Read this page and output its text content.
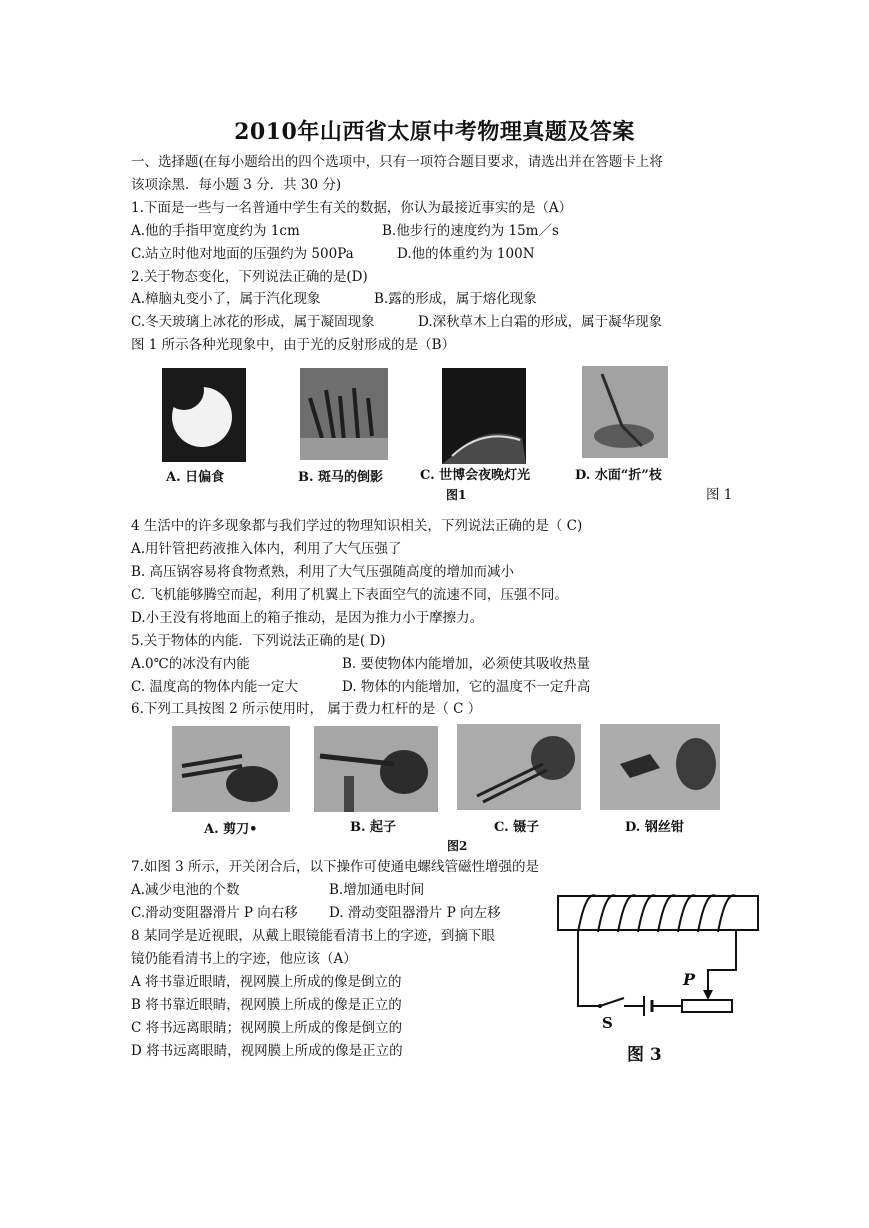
2010年山西省太原中考物理真题及答案
一、选择题(在每小题给出的四个选项中，只有一项符合题目要求，请选出并在答题卡上将
该项涂黑．每小题 3 分．共 30 分)
1.下面是一些与一名普通中学生有关的数据，你认为最接近事实的是（A）
A.他的手指甲宽度约为 1cm	B.他步行的速度约为 15m／s
C.站立时他对地面的压强约为 500Pa	D.他的体重约为 100N
2.关于物态变化，下列说法正确的是(D)
A.樟脑丸变小了，属于汽化现象	B.露的形成，属于熔化现象
C.冬天玻璃上冰花的形成，属于凝固现象	D.深秋草木上白霜的形成，属于凝华现象
图 1 所示各种光现象中，由于光的反射形成的是（B）
A. 日偏食	B. 斑马的倒影	C. 世博会夜晚灯光	D. 水面“折”枝
图1	图 1
4 生活中的许多现象都与我们学过的物理知识相关，下列说法正确的是（ C)
A.用针管把药液推入体内，利用了大气压强了
B. 高压锅容易将食物煮熟，利用了大气压强随高度的增加而减小
C. 飞机能够腾空而起，利用了机翼上下表面空气的流速不同，压强不同。
D.小王没有将地面上的箱子推动，是因为推力小于摩擦力。
5.关于物体的内能．下列说法正确的是( D)
A.0℃的冰没有内能	B. 要使物体内能增加，必须使其吸收热量
C. 温度高的物体内能一定大	D. 物体的内能增加，它的温度不一定升高
6.下列工具按图 2 所示使用时， 属于费力杠杆的是（ C ）
A. 剪刀•	B. 起子	C. 镊子	D. 钢丝钳
图2
7.如图 3 所示，开关闭合后，以下操作可使通电螺线管磁性增强的是
A.减少电池的个数	B.增加通电时间
C.滑动变阻器滑片 P 向右移 D. 滑动变阻器滑片 P 向左移
8 某同学是近视眼，从戴上眼镜能看清书上的字迹，到摘下眼
镜仍能看清书上的字迹，他应该（A）
A 将书靠近眼睛，视网膜上所成的像是倒立的
B 将书靠近眼睛，视网膜上所成的像是正立的
C 将书远离眼睛；视网膜上所成的像是倒立的
D 将书远离眼睛，视网膜上所成的像是正立的
P
S
图 3
